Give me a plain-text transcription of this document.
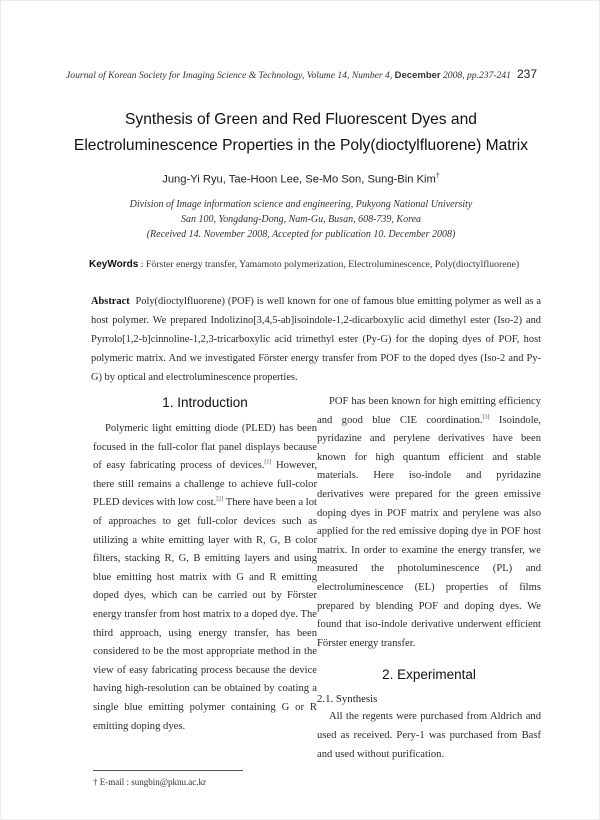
Journal of Korean Society for Imaging Science & Technology, Volume 14, Number 4, December 2008, pp.237-241 237
Synthesis of Green and Red Fluorescent Dyes and
Electroluminescence Properties in the Poly(dioctylfluorene) Matrix
Jung-Yi Ryu, Tae-Hoon Lee, Se-Mo Son, Sung-Bin Kim†
Division of Image information science and engineering, Pukyong National University
San 100, Yongdang-Dong, Nam-Gu, Busan, 608-739, Korea
(Received 14. November 2008, Accepted for publication 10. December 2008)
KeyWords : Förster energy transfer, Yamamoto polymerization, Electroluminescence, Poly(dioctylfluorene)
Abstract Poly(dioctylfluorene) (POF) is well known for one of famous blue emitting polymer as well as a host polymer. We prepared Indolizino[3,4,5-ab]isoindole-1,2-dicarboxylic acid dimethyl ester (Iso-2) and Pyrrolo[1,2-b]cinnoline-1,2,3-tricarboxylic acid trimethyl ester (Py-G) for the doping dyes of POF, host polymeric matrix. And we investigated Förster energy transfer from POF to the doped dyes (Iso-2 and Py-G) by optical and electroluminescence properties.
1. Introduction

Polymeric light emitting diode (PLED) has been focused in the full-color flat panel displays because of easy fabricating process of devices.[1] However, there still remains a challenge to achieve full-color PLED devices with low cost.[2] There have been a lot of approaches to get full-color devices such as utilizing a white emitting layer with R, G, B color filters, stacking R, G, B emitting layers and using blue emitting host matrix with G and R emitting doped dyes, which can be carried out by Förster energy transfer from host matrix to a doped dye. The third approach, using energy transfer, has been considered to be the most appropriate method in the view of easy fabricating process because the device having high-resolution can be obtained by coating a single blue emitting polymer containing G or R emitting doping dyes.

POF has been known for high emitting efficiency and good blue CIE coordination.[3] Isoindole, pyridazine and perylene derivatives have been known for high quantum efficient and stable materials. Here iso-indole and pyridazine derivatives were prepared for the green emissive doping dyes in POF matrix and perylene was also applied for the red emissive doping dye in POF host matrix. In order to examine the energy transfer, we measured the photoluminescence (PL) and electroluminescence (EL) properties of films prepared by blending POF and doping dyes. We found that iso-indole derivative underwent efficient Förster energy transfer.

2. Experimental
2.1. Synthesis

All the regents were purchased from Aldrich and used as received. Pery-1 was purchased from Basf and used without purification.

† E-mail : sungbin@pknu.ac.kr
